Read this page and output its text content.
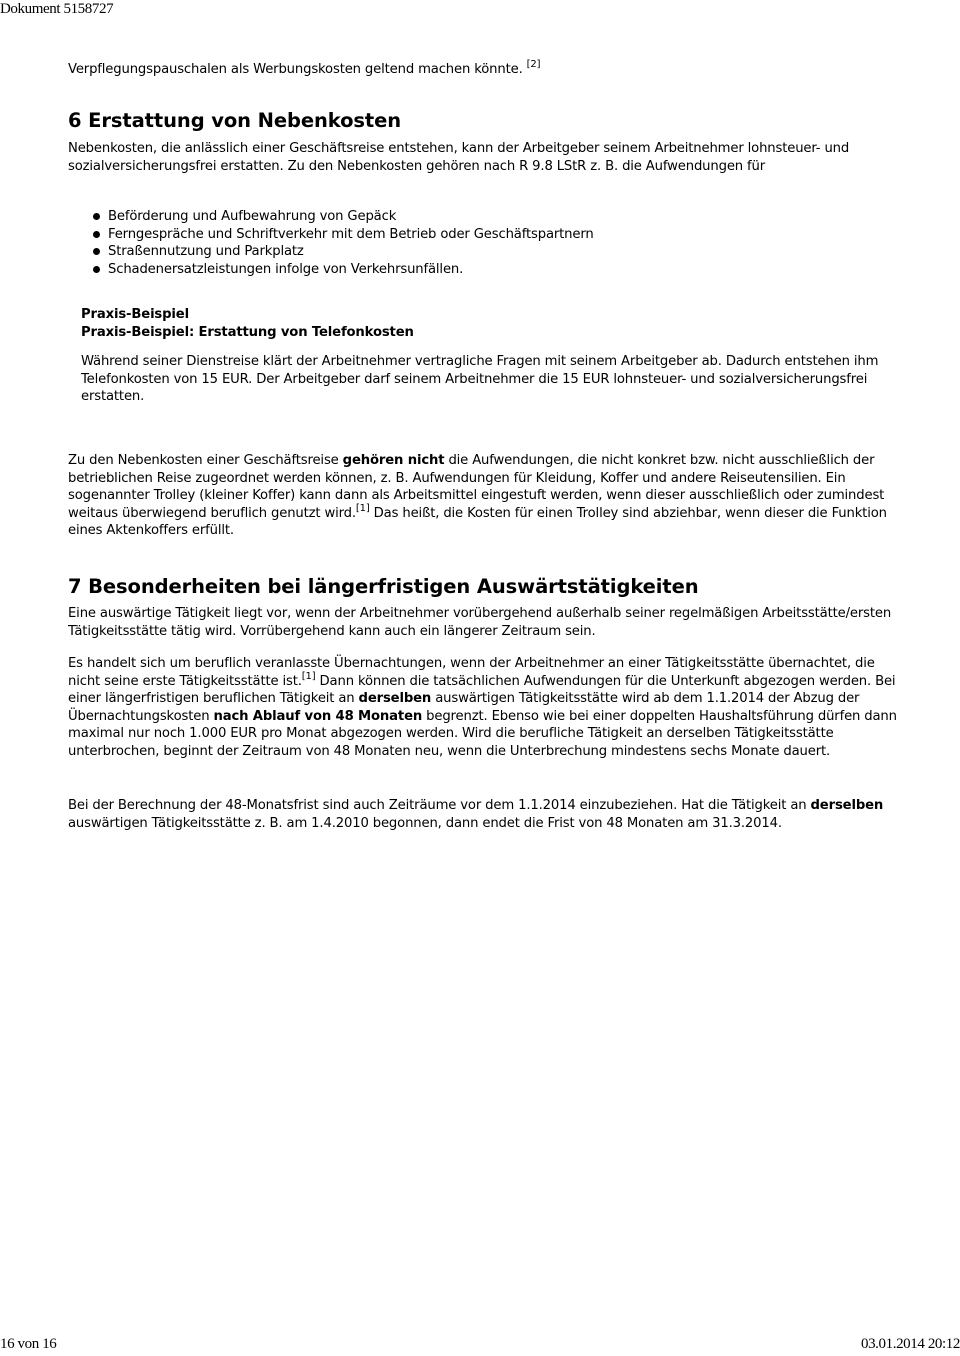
Dokument 5158727

Verpflegungspauschalen als Werbungskosten geltend machen könnte. [2]

6 Erstattung von Nebenkosten

Nebenkosten, die anlässlich einer Geschäftsreise entstehen, kann der Arbeitgeber seinem Arbeitnehmer lohnsteuer- und sozialversicherungsfrei erstatten. Zu den Nebenkosten gehören nach R 9.8 LStR z. B. die Aufwendungen für

Beförderung und Aufbewahrung von Gepäck
Ferngespräche und Schriftverkehr mit dem Betrieb oder Geschäftspartnern
Straßennutzung und Parkplatz
Schadenersatzleistungen infolge von Verkehrsunfällen.
Praxis-Beispiel
Praxis-Beispiel: Erstattung von Telefonkosten

Während seiner Dienstreise klärt der Arbeitnehmer vertragliche Fragen mit seinem Arbeitgeber ab. Dadurch entstehen ihm Telefonkosten von 15 EUR. Der Arbeitgeber darf seinem Arbeitnehmer die 15 EUR lohnsteuer- und sozialversicherungsfrei erstatten.

Zu den Nebenkosten einer Geschäftsreise gehören nicht die Aufwendungen, die nicht konkret bzw. nicht ausschließlich der betrieblichen Reise zugeordnet werden können, z. B. Aufwendungen für Kleidung, Koffer und andere Reiseutensilien. Ein sogenannter Trolley (kleiner Koffer) kann dann als Arbeitsmittel eingestuft werden, wenn dieser ausschließlich oder zumindest weitaus überwiegend beruflich genutzt wird.[1] Das heißt, die Kosten für einen Trolley sind abziehbar, wenn dieser die Funktion eines Aktenkoffers erfüllt.

7 Besonderheiten bei längerfristigen Auswärtstätigkeiten

Eine auswärtige Tätigkeit liegt vor, wenn der Arbeitnehmer vorübergehend außerhalb seiner regelmäßigen Arbeitsstätte/ersten Tätigkeitsstätte tätig wird. Vorrübergehend kann auch ein längerer Zeitraum sein.

Es handelt sich um beruflich veranlasste Übernachtungen, wenn der Arbeitnehmer an einer Tätigkeitsstätte übernachtet, die nicht seine erste Tätigkeitsstätte ist.[1] Dann können die tatsächlichen Aufwendungen für die Unterkunft abgezogen werden. Bei einer längerfristigen beruflichen Tätigkeit an derselben auswärtigen Tätigkeitsstätte wird ab dem 1.1.2014 der Abzug der Übernachtungskosten nach Ablauf von 48 Monaten begrenzt. Ebenso wie bei einer doppelten Haushaltsführung dürfen dann maximal nur noch 1.000 EUR pro Monat abgezogen werden. Wird die berufliche Tätigkeit an derselben Tätigkeitsstätte unterbrochen, beginnt der Zeitraum von 48 Monaten neu, wenn die Unterbrechung mindestens sechs Monate dauert.

Bei der Berechnung der 48-Monatsfrist sind auch Zeiträume vor dem 1.1.2014 einzubeziehen. Hat die Tätigkeit an derselben auswärtigen Tätigkeitsstätte z. B. am 1.4.2010 begonnen, dann endet die Frist von 48 Monaten am 31.3.2014.

16 von 16	03.01.2014 20:12
